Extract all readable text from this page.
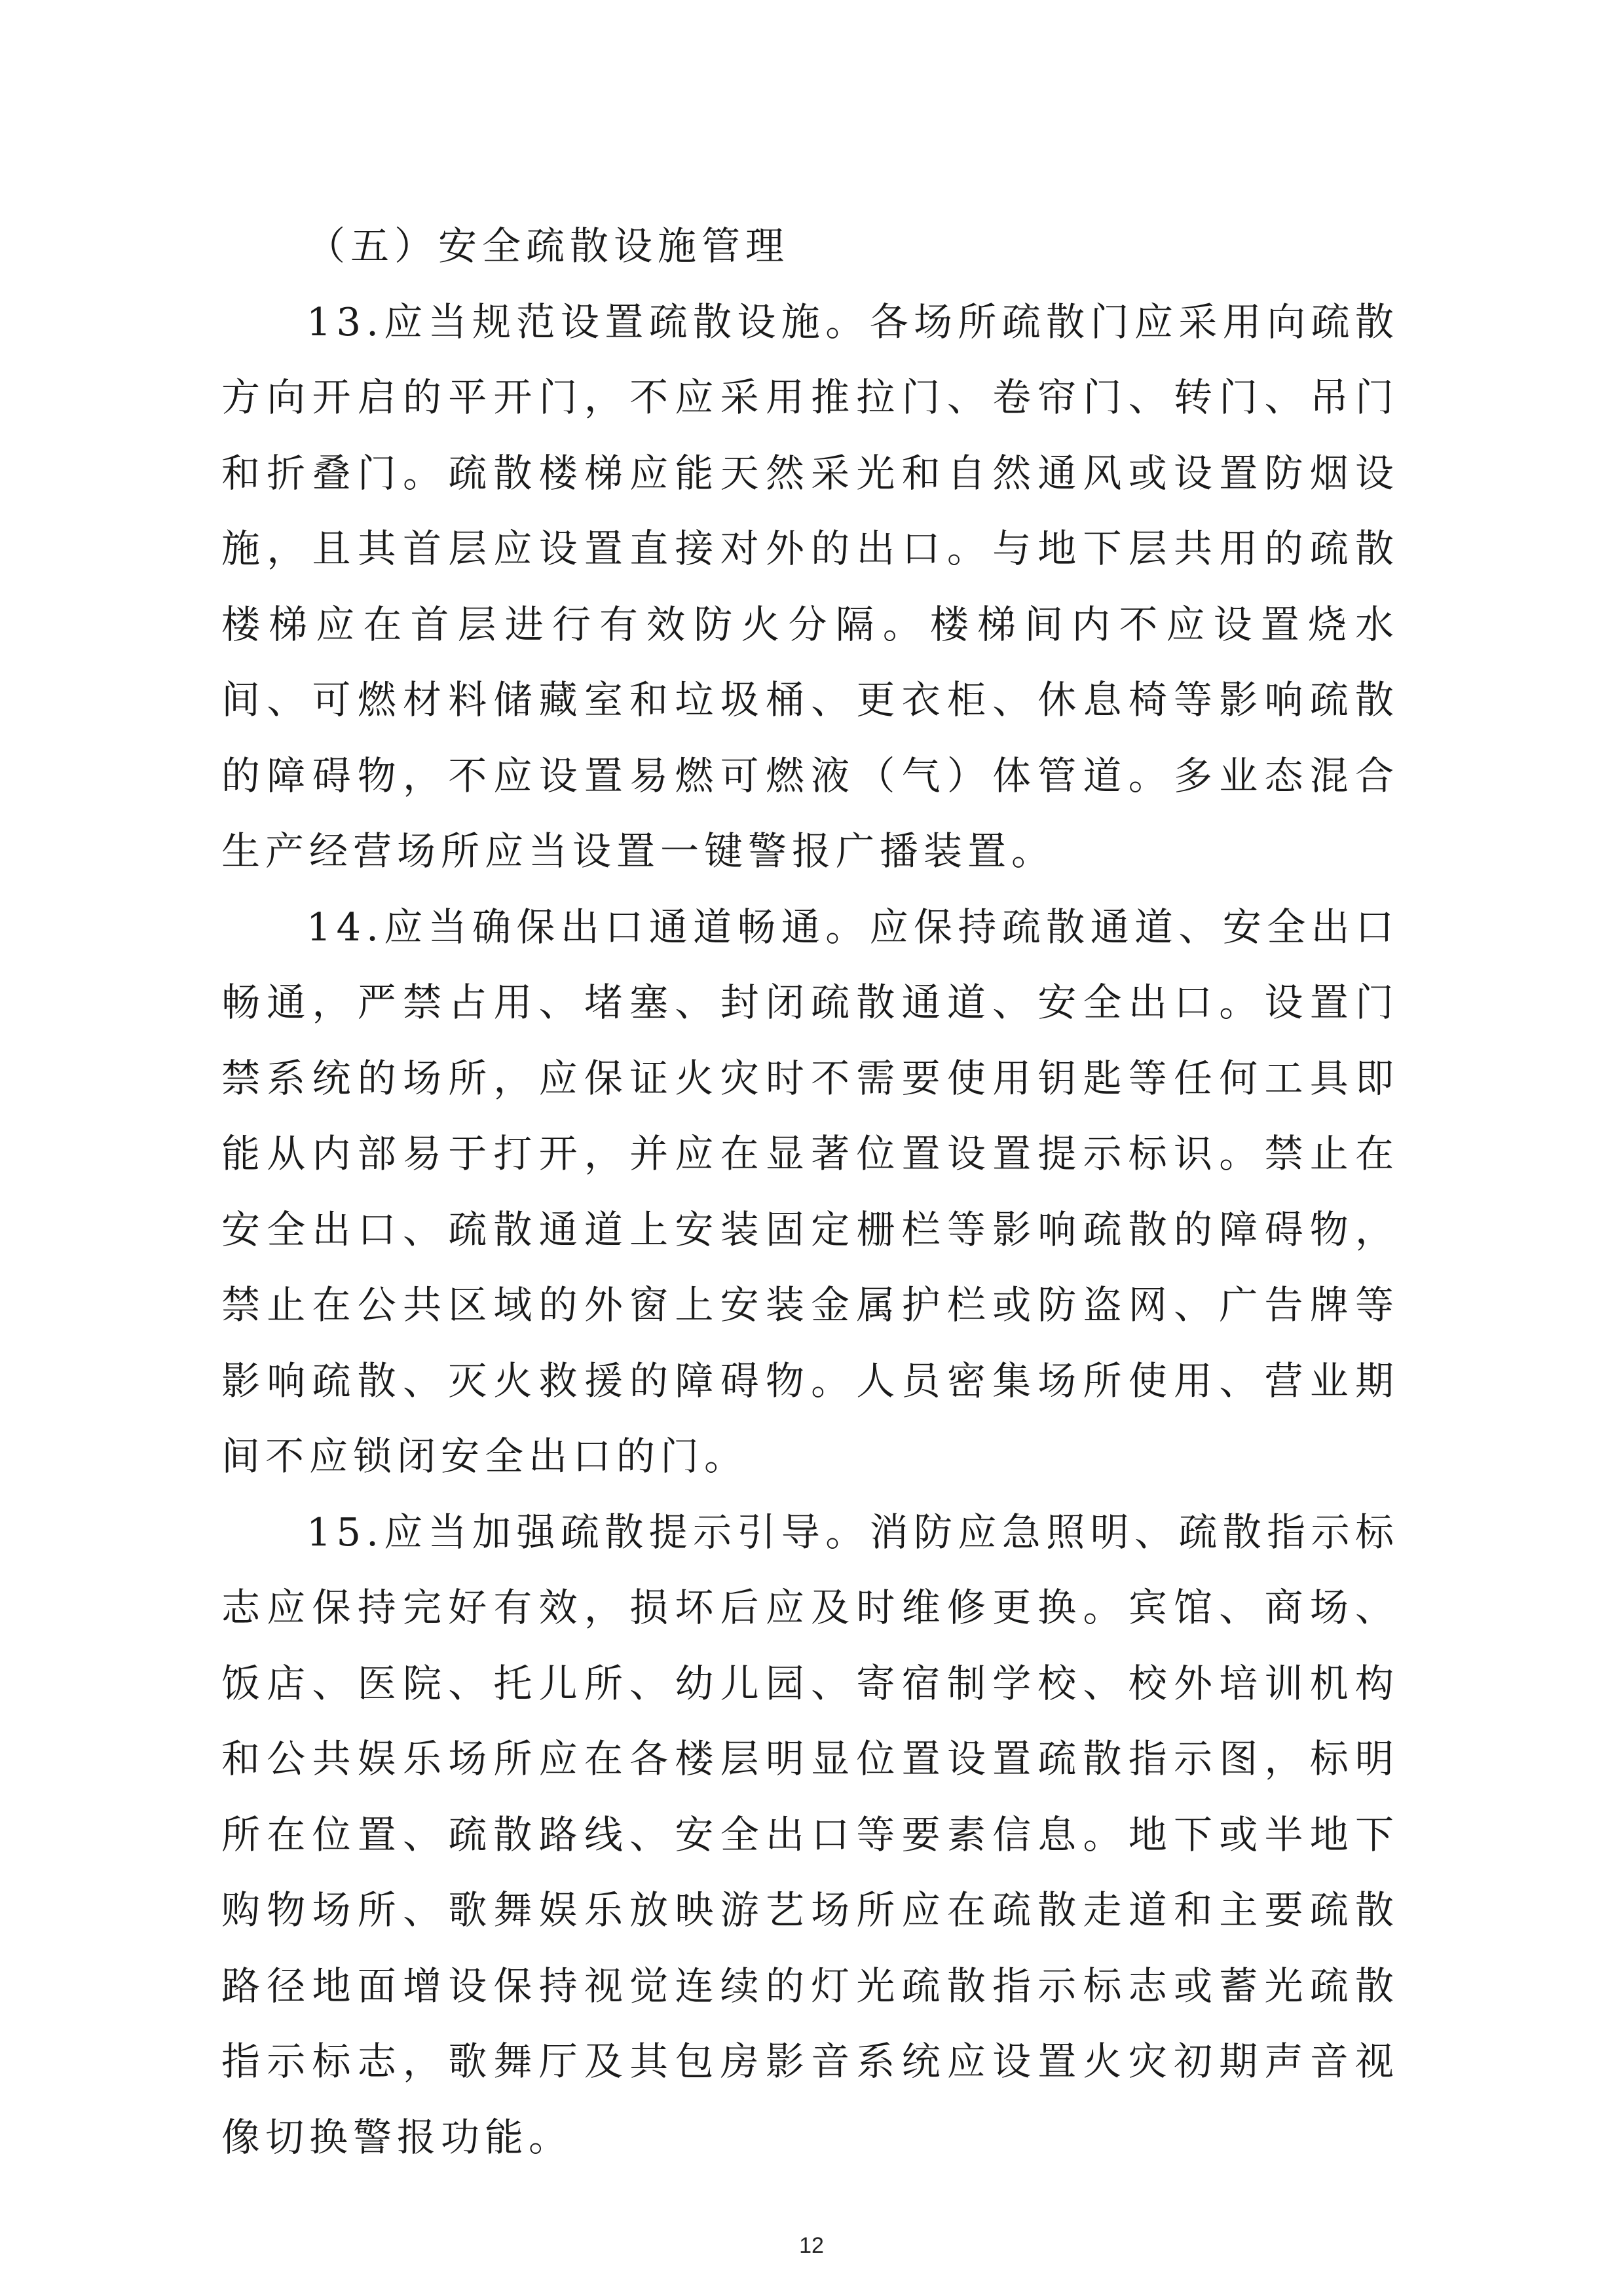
（五）安全疏散设施管理

13.应当规范设置疏散设施。各场所疏散门应采用向疏散方向开启的平开门，不应采用推拉门、卷帘门、转门、吊门和折叠门。疏散楼梯应能天然采光和自然通风或设置防烟设施，且其首层应设置直接对外的出口。与地下层共用的疏散楼梯应在首层进行有效防火分隔。楼梯间内不应设置烧水间、可燃材料储藏室和垃圾桶、更衣柜、休息椅等影响疏散的障碍物，不应设置易燃可燃液（气）体管道。多业态混合生产经营场所应当设置一键警报广播装置。

14.应当确保出口通道畅通。应保持疏散通道、安全出口畅通，严禁占用、堵塞、封闭疏散通道、安全出口。设置门禁系统的场所，应保证火灾时不需要使用钥匙等任何工具即能从内部易于打开，并应在显著位置设置提示标识。禁止在安全出口、疏散通道上安装固定栅栏等影响疏散的障碍物，禁止在公共区域的外窗上安装金属护栏或防盗网、广告牌等影响疏散、灭火救援的障碍物。人员密集场所使用、营业期间不应锁闭安全出口的门。

15.应当加强疏散提示引导。消防应急照明、疏散指示标志应保持完好有效，损坏后应及时维修更换。宾馆、商场、饭店、医院、托儿所、幼儿园、寄宿制学校、校外培训机构和公共娱乐场所应在各楼层明显位置设置疏散指示图，标明所在位置、疏散路线、安全出口等要素信息。地下或半地下购物场所、歌舞娱乐放映游艺场所应在疏散走道和主要疏散路径地面增设保持视觉连续的灯光疏散指示标志或蓄光疏散指示标志，歌舞厅及其包房影音系统应设置火灾初期声音视像切换警报功能。

12
